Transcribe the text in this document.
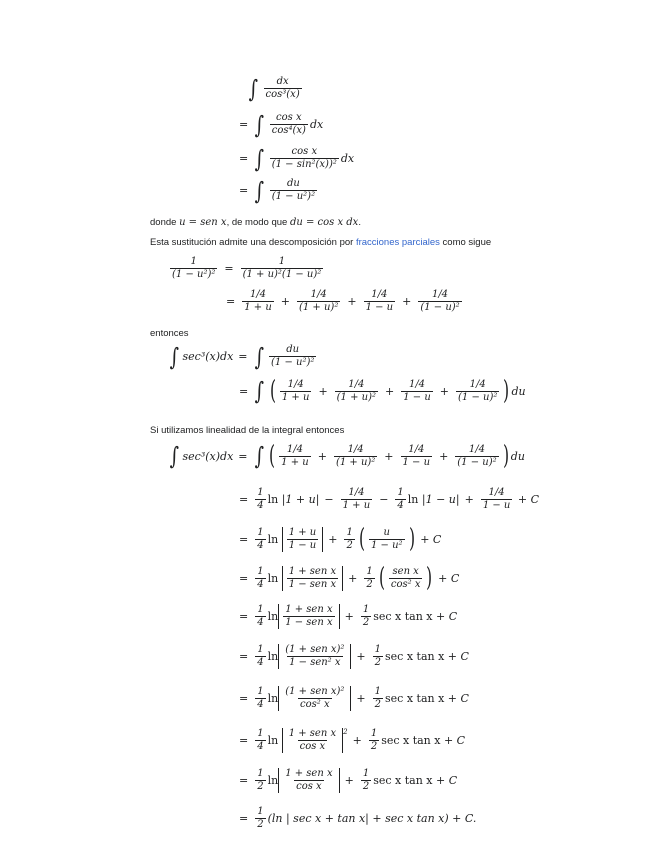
∫ $\frac{dx}{\text{cos³(x)}}$
= ∫ $\frac{\text{cos x}}{\text{cos⁴(x)}}$ dx
= ∫ $\frac{\text{cos x}}{\text{(1 − sin²(x))²}}$ dx
= ∫ $\frac{du}{\text{(1 − u²)²}}$
donde u = sen x, de modo que du = cos x dx.
Esta sustitución admite una descomposición por fracciones parciales como sigue
$\frac{1}{\text{(1 − u²)²}} = \frac{1}{\text{(1 + u)²(1 − u)²}}$
= $\frac{1/4}{1 + u} + \frac{1/4}{\text{(1 + u)²}} + \frac{1/4}{1 - u} + \frac{1/4}{\text{(1 − u)²}}$
entonces
∫ sec³(x)dx = ∫ $\frac{du}{\text{(1 − u²)²}}$
= ∫ ( $\frac{1/4}{1 + u} + \frac{1/4}{\text{(1 + u)²}} + \frac{1/4}{1 - u} + \frac{1/4}{\text{(1 − u)²}}$ ) du
Si utilizamos linealidad de la integral entonces
∫ sec³(x)dx = ∫ ( $\frac{1/4}{1 + u} + \frac{1/4}{\text{(1 + u)²}} + \frac{1/4}{1 - u} + \frac{1/4}{\text{(1 − u)²}}$ ) du
= $\frac{1}{4}$ ln
$|1 + u| - \frac{1/4}{1 + u} - \frac{1}{4}$ ln
$|1 - u| + \frac{1/4}{1 - u}$
+ C
= $\frac{1}{4}$ ln
$\frac{1 + u}{1 - u} + \frac{1}{2}$ ( $\frac{u}{\text{1 − u²}}$ )
+ C
= $\frac{1}{4}$ ln
$\frac{\text{1 + sen x}}{\text{1 − sen x}} + \frac{1}{2}$ ( $\frac{\text{sen x}}{\text{cos² x}}$ )
+ C
= $\frac{1}{4}$ $\ln \frac{\text{1 + sen x}}{\text{1 − sen x}} + \frac{1}{2}$ sec x tan x
+ C
= $\frac{1}{4}$ $\ln \frac{\text{(1 + sen x)²}}{\text{1 − sen² x}} + \frac{1}{2}$ sec x tan x
+ C
= $\frac{1}{4}$ $\ln \frac{\text{(1 + sen x)²}}{\text{cos² x}} + \frac{1}{2}$ sec x tan x
+ C
= $\frac{1}{4}$ ln
$\frac{\text{1 + sen x}}{\text{cos x}} ^2$
+ $\frac{1}{2}$ sec x tan x
+ C
= $\frac{1}{2}$ $\ln \frac{\text{1 + sen x}}{\text{cos x}} + \frac{1}{2}$ sec x tan x
+ C
= $\frac{1}{2} (\ln$ | sec x + tan x| + sec x tan x)
+ C.
